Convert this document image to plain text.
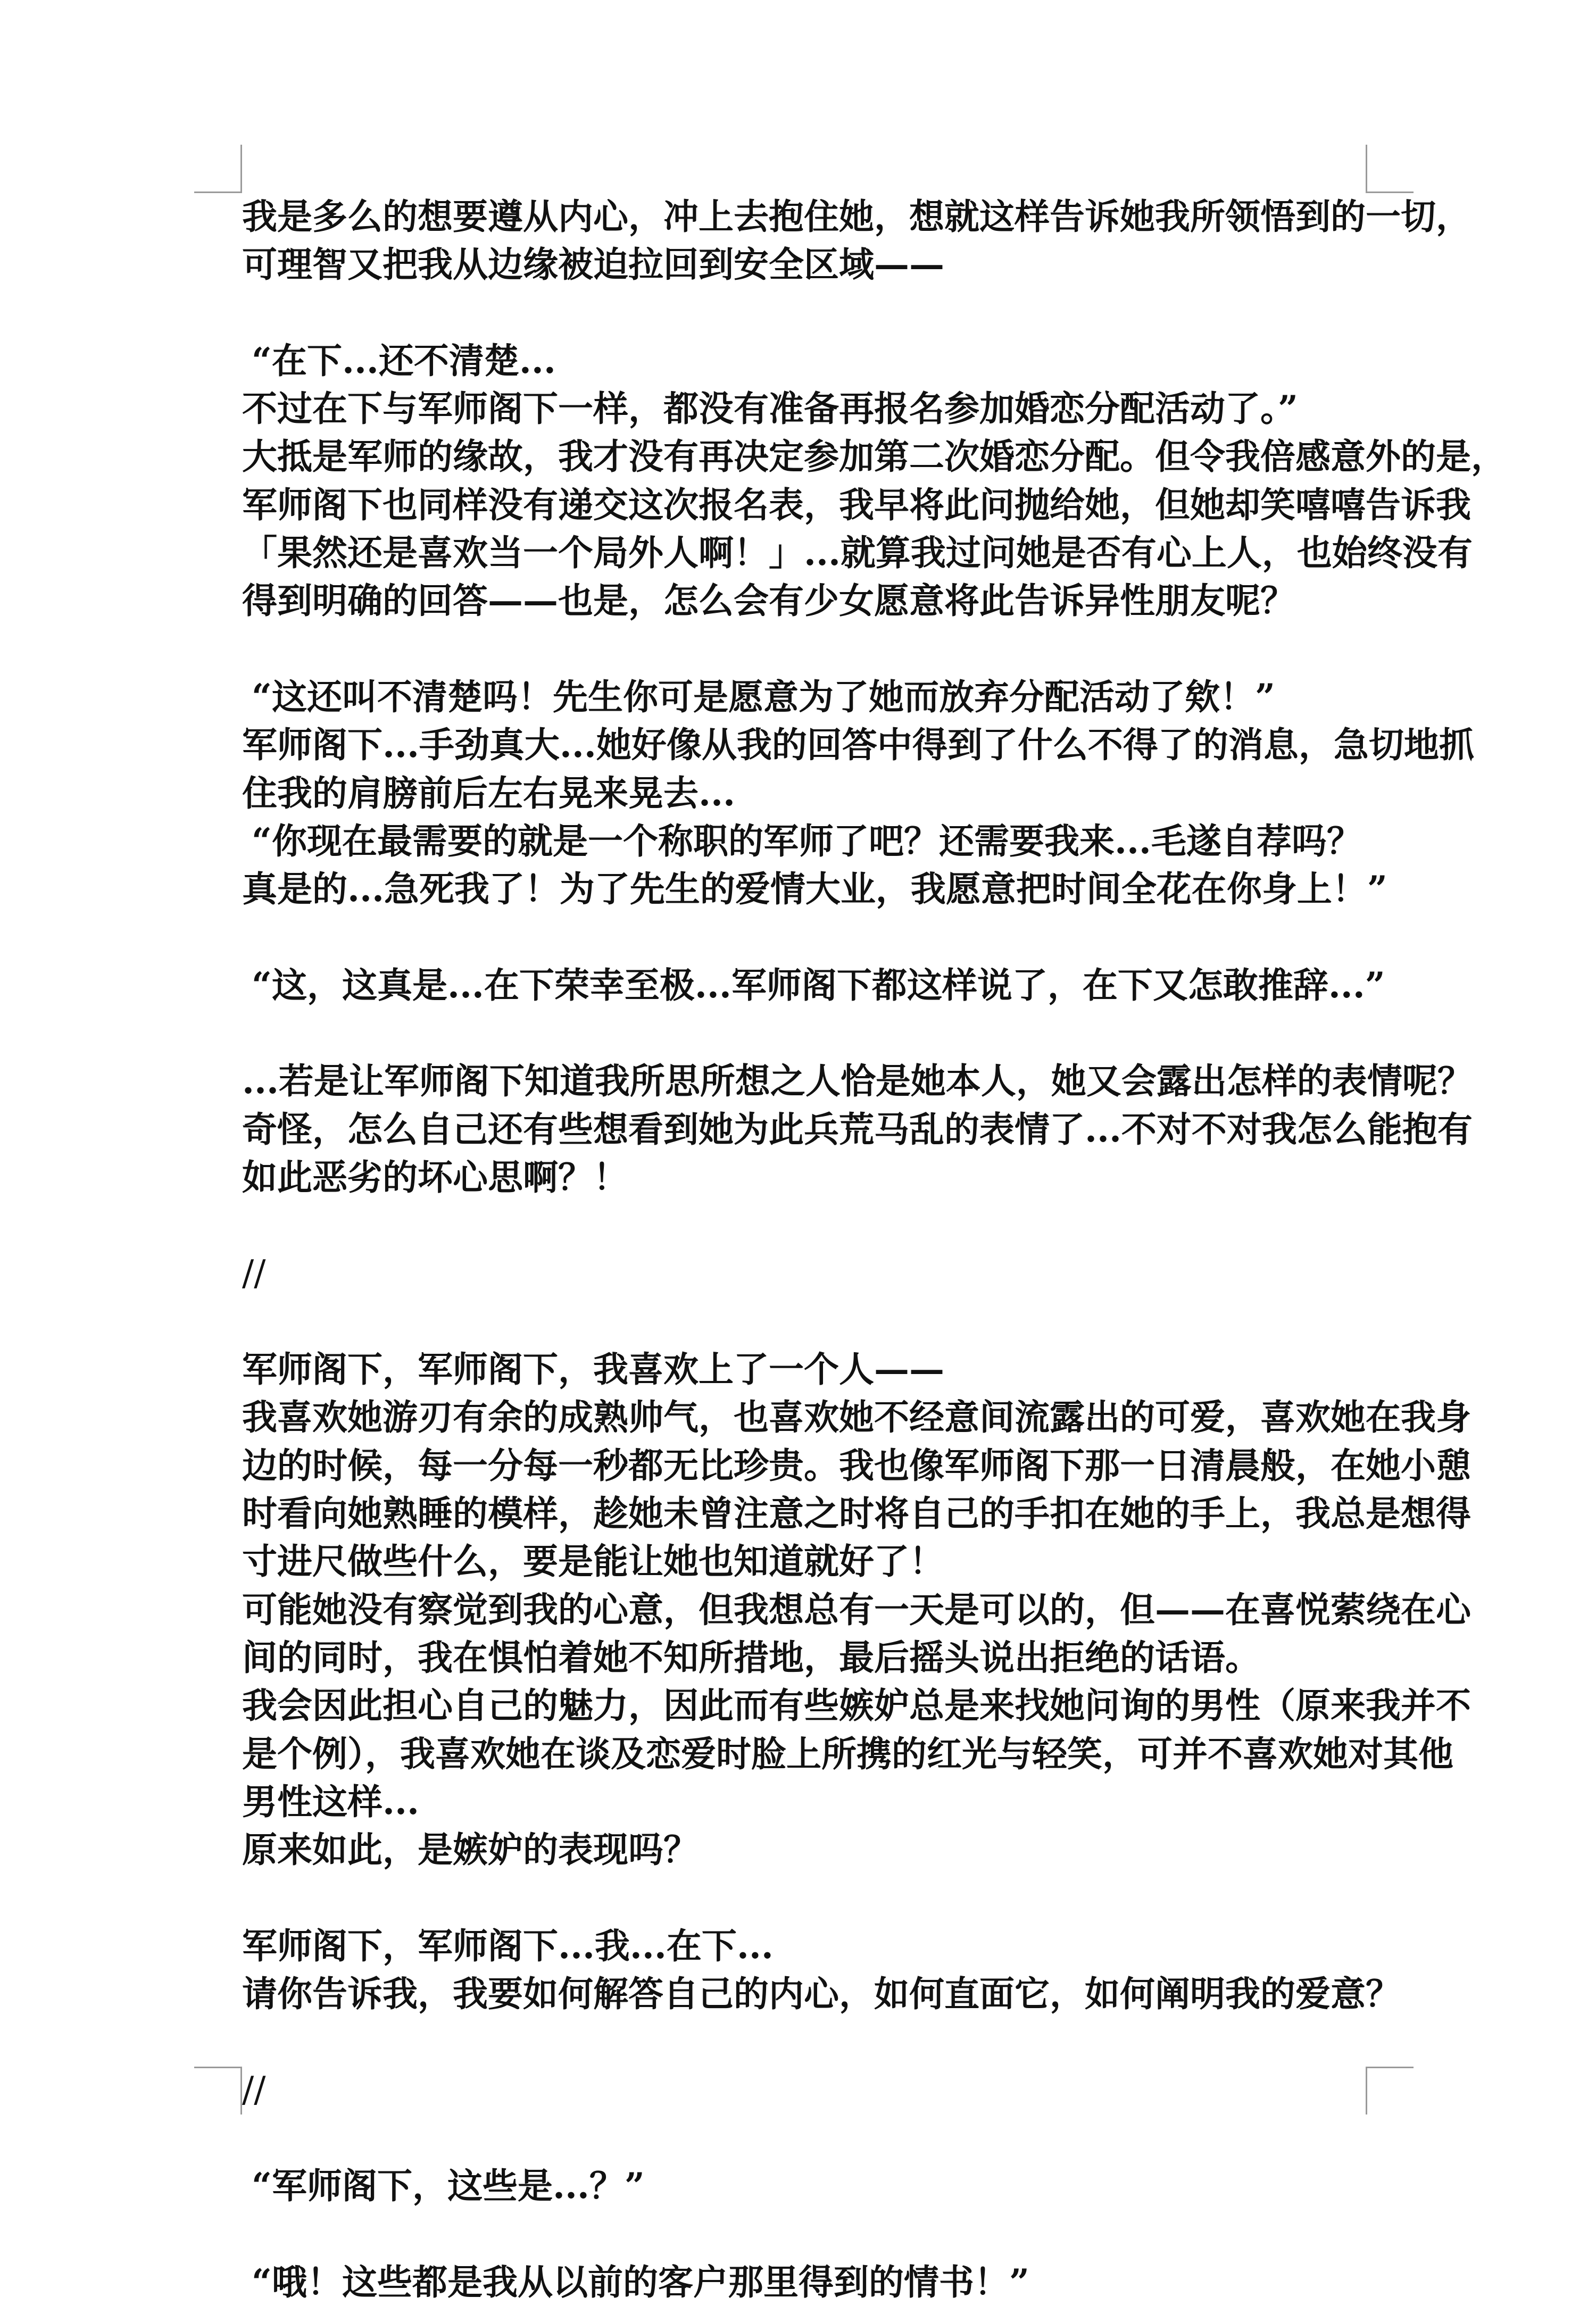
我是多么的想要遵从内心，冲上去抱住她，想就这样告诉她我所领悟到的一切，
可理智又把我从边缘被迫拉回到安全区域——
“在下...还不清楚...
不过在下与军师阁下一样，都没有准备再报名参加婚恋分配活动了。”
大抵是军师的缘故，我才没有再决定参加第二次婚恋分配。但令我倍感意外的是，
军师阁下也同样没有递交这次报名表，我早将此问抛给她，但她却笑嘻嘻告诉我
「果然还是喜欢当一个局外人啊！」...就算我过问她是否有心上人，也始终没有
得到明确的回答——也是，怎么会有少女愿意将此告诉异性朋友呢？
“这还叫不清楚吗！先生你可是愿意为了她而放弃分配活动了欸！”
军师阁下...手劲真大...她好像从我的回答中得到了什么不得了的消息，急切地抓
住我的肩膀前后左右晃来晃去...
“你现在最需要的就是一个称职的军师了吧？还需要我来...毛遂自荐吗？
真是的...急死我了！为了先生的爱情大业，我愿意把时间全花在你身上！”
“这，这真是...在下荣幸至极...军师阁下都这样说了，在下又怎敢推辞...”
...若是让军师阁下知道我所思所想之人恰是她本人，她又会露出怎样的表情呢？
奇怪，怎么自己还有些想看到她为此兵荒马乱的表情了...不对不对我怎么能抱有
如此恶劣的坏心思啊？！
//
军师阁下，军师阁下，我喜欢上了一个人——
我喜欢她游刃有余的成熟帅气，也喜欢她不经意间流露出的可爱，喜欢她在我身
边的时候，每一分每一秒都无比珍贵。我也像军师阁下那一日清晨般，在她小憩
时看向她熟睡的模样，趁她未曾注意之时将自己的手扣在她的手上，我总是想得
寸进尺做些什么，要是能让她也知道就好了！
可能她没有察觉到我的心意，但我想总有一天是可以的，但——在喜悦萦绕在心
间的同时，我在惧怕着她不知所措地，最后摇头说出拒绝的话语。
我会因此担心自己的魅力，因此而有些嫉妒总是来找她问询的男性（原来我并不
是个例），我喜欢她在谈及恋爱时脸上所携的红光与轻笑，可并不喜欢她对其他
男性这样...
原来如此，是嫉妒的表现吗？
军师阁下，军师阁下...我...在下...
请你告诉我，我要如何解答自己的内心，如何直面它，如何阐明我的爱意？
//
“军师阁下，这些是...？”
“哦！这些都是我从以前的客户那里得到的情书！”
